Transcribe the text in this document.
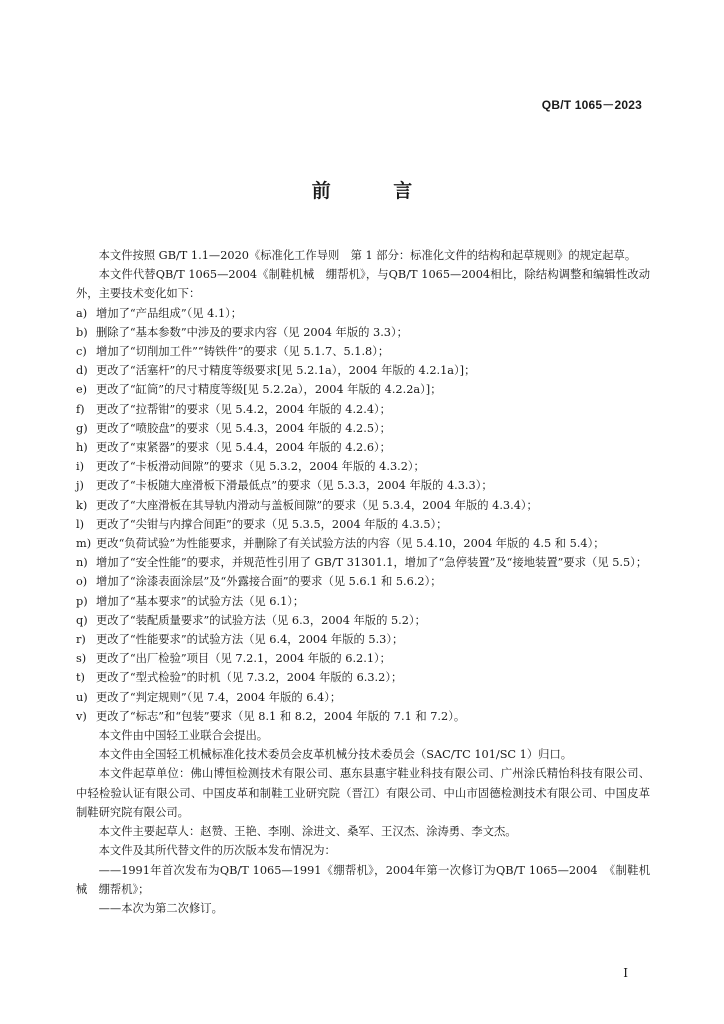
QB/T 1065－2023
前 言

本文件按照 GB/T 1.1—2020《标准化工作导则　第 1 部分：标准化文件的结构和起草规则》的规定起草。

本文件代替QB/T 1065—2004《制鞋机械　绷帮机》，与QB/T 1065—2004相比，除结构调整和编辑性改动外，主要技术变化如下：

a) 增加了“产品组成”（见 4.1）；
b) 删除了“基本参数”中涉及的要求内容（见 2004 年版的 3.3）；
c) 增加了“切削加工件”“铸铁件”的要求（见 5.1.7、5.1.8）；
d) 更改了“活塞杆”的尺寸精度等级要求[见 5.2.1a），2004 年版的 4.2.1a）]；
e) 更改了“缸筒”的尺寸精度等级[见 5.2.2a），2004 年版的 4.2.2a）]；
f)	更改了“拉帮钳”的要求（见 5.4.2，2004 年版的 4.2.4）；
g) 更改了“喷胶盘”的要求（见 5.4.3，2004 年版的 4.2.5）；
h) 更改了“束紧器”的要求（见 5.4.4，2004 年版的 4.2.6）；
i)	更改了“卡板滑动间隙”的要求（见 5.3.2，2004 年版的 4.3.2）；
j)	更改了“卡板随大座滑板下滑最低点”的要求（见 5.3.3，2004 年版的 4.3.3）；
k) 更改了“大座滑板在其导轨内滑动与盖板间隙”的要求（见 5.3.4，2004 年版的 4.3.4）；
l)	更改了“尖钳与内撑合间距”的要求（见 5.3.5，2004 年版的 4.3.5）；
m) 更改“负荷试验”为性能要求，并删除了有关试验方法的内容（见 5.4.10，2004 年版的 4.5 和 5.4）；
n) 增加了“安全性能”的要求，并规范性引用了 GB/T 31301.1，增加了“急停装置”及“接地装置”要求（见 5.5）；
o) 增加了“涂漆表面涂层”及“外露接合面”的要求（见 5.6.1 和 5.6.2）；
p) 增加了“基本要求”的试验方法（见 6.1）；
q) 更改了“装配质量要求”的试验方法（见 6.3，2004 年版的 5.2）；
r) 更改了“性能要求”的试验方法（见 6.4，2004 年版的 5.3）；
s) 更改了“出厂检验”项目（见 7.2.1，2004 年版的 6.2.1）；
t) 更改了“型式检验”的时机（见 7.3.2，2004 年版的 6.3.2）；
u) 更改了“判定规则”（见 7.4，2004 年版的 6.4）；
v) 更改了“标志”和“包装”要求（见 8.1 和 8.2，2004 年版的 7.1 和 7.2）。

本文件由中国轻工业联合会提出。

本文件由全国轻工机械标准化技术委员会皮革机械分技术委员会（SAC/TC 101/SC 1）归口。

本文件起草单位：佛山博恒检测技术有限公司、惠东县惠宇鞋业科技有限公司、广州涂氏精怡科技有限公司、中轻检验认证有限公司、中国皮革和制鞋工业研究院（晋江）有限公司、中山市固德检测技术有限公司、中国皮革制鞋研究院有限公司。

本文件主要起草人：赵赞、王艳、李刚、涂进文、桑军、王汉杰、涂涛勇、李文杰。

本文件及其所代替文件的历次版本发布情况为：

——1991年首次发布为QB/T 1065—1991《绷帮机》，2004年第一次修订为QB/T 1065—2004　《制鞋机械　绷帮机》；

——本次为第二次修订。

I
